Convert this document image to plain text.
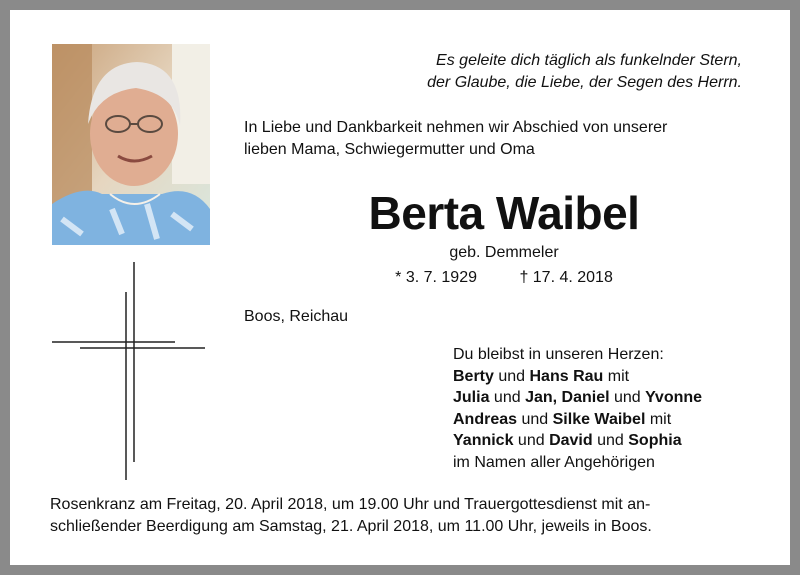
Es geleite dich täglich als funkelnder Stern,
der Glaube, die Liebe, der Segen des Herrn.
In Liebe und Dankbarkeit nehmen wir Abschied von unserer
lieben Mama, Schwiegermutter und Oma
Berta Waibel
geb. Demmeler
* 3. 7. 1929	† 17. 4. 2018
Boos, Reichau
Du bleibst in unseren Herzen:
Berty und Hans Rau mit
Julia und Jan, Daniel und Yvonne
Andreas und Silke Waibel mit
Yannick und David und Sophia
im Namen aller Angehörigen
Rosenkranz am Freitag, 20. April 2018, um 19.00 Uhr und Trauergottesdienst mit an-
schließender Beerdigung am Samstag, 21. April 2018, um 11.00 Uhr, jeweils in Boos.
